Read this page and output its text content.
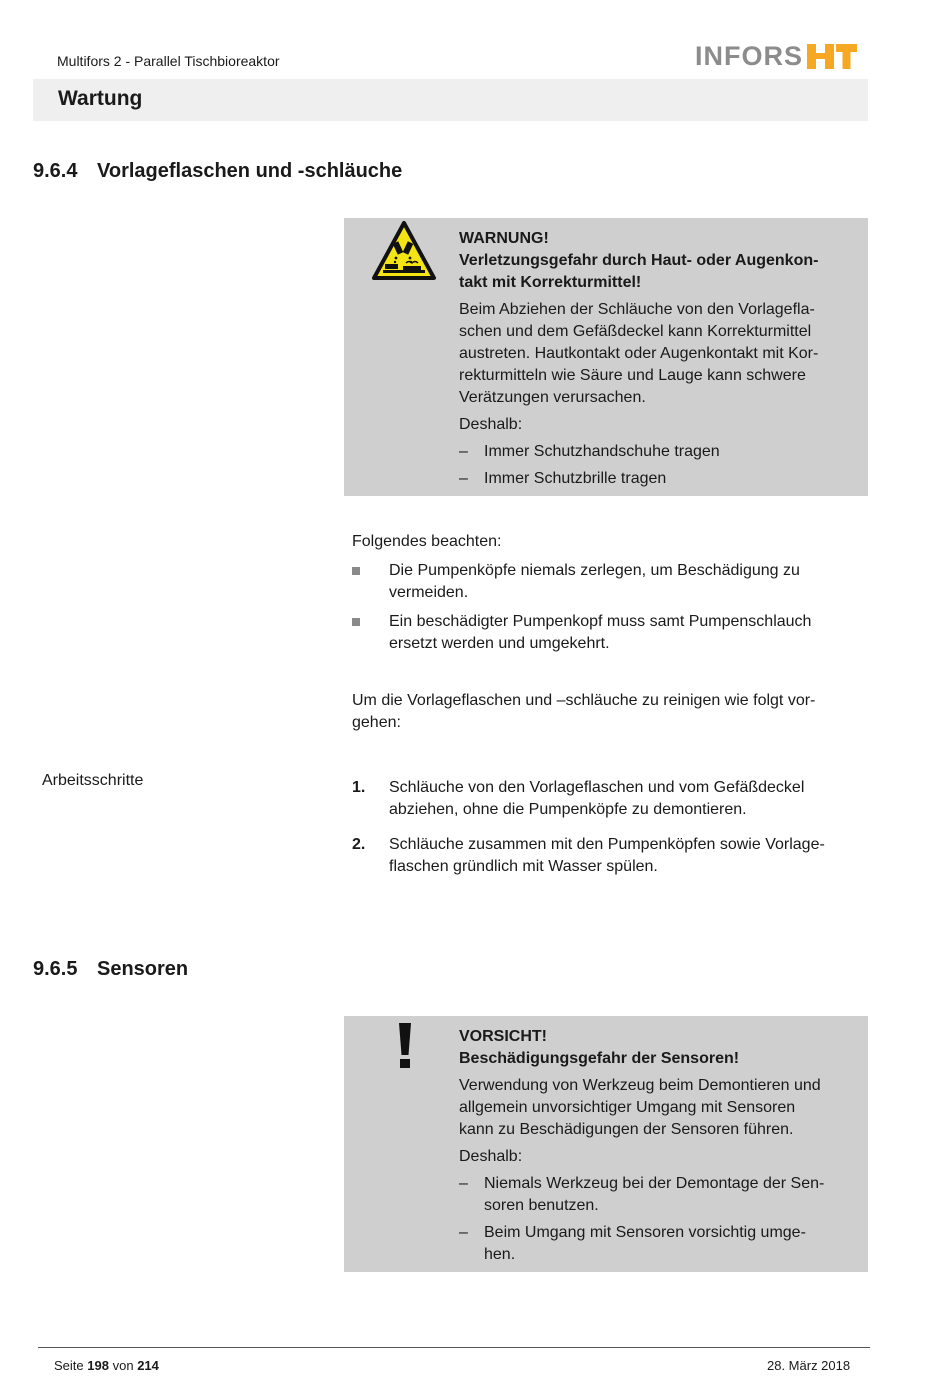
Multifors 2 - Parallel Tischbioreaktor	INFORS
Wartung
9.6.4 Vorlageflaschen und -schläuche
WARNUNG!
Verletzungsgefahr durch Haut- oder Augenkon-
takt mit Korrekturmittel!
Beim Abziehen der Schläuche von den Vorlagefla-
schen und dem Gefäßdeckel kann Korrekturmittel
austreten. Hautkontakt oder Augenkontakt mit Kor-
rekturmitteln wie Säure und Lauge kann schwere
Verätzungen verursachen.
Deshalb:
–	Immer Schutzhandschuhe tragen
–	Immer Schutzbrille tragen
Folgendes beachten:
Die Pumpenköpfe niemals zerlegen, um Beschädigung zu
vermeiden.
Ein beschädigter Pumpenkopf muss samt Pumpenschlauch
ersetzt werden und umgekehrt.
Um die Vorlageflaschen und –schläuche zu reinigen wie folgt vor-
gehen:
Arbeitsschritte	1.	Schläuche von den Vorlageflaschen und vom Gefäßdeckel
abziehen, ohne die Pumpenköpfe zu demontieren.
2.	Schläuche zusammen mit den Pumpenköpfen sowie Vorlage-
flaschen gründlich mit Wasser spülen.
9.6.5 Sensoren
VORSICHT!
Beschädigungsgefahr der Sensoren!
Verwendung von Werkzeug beim Demontieren und
allgemein unvorsichtiger Umgang mit Sensoren
kann zu Beschädigungen der Sensoren führen.
Deshalb:
–	Niemals Werkzeug bei der Demontage der Sen-
soren benutzen.
–	Beim Umgang mit Sensoren vorsichtig umge-
hen.
Seite 198 von 214	28. März 2018
